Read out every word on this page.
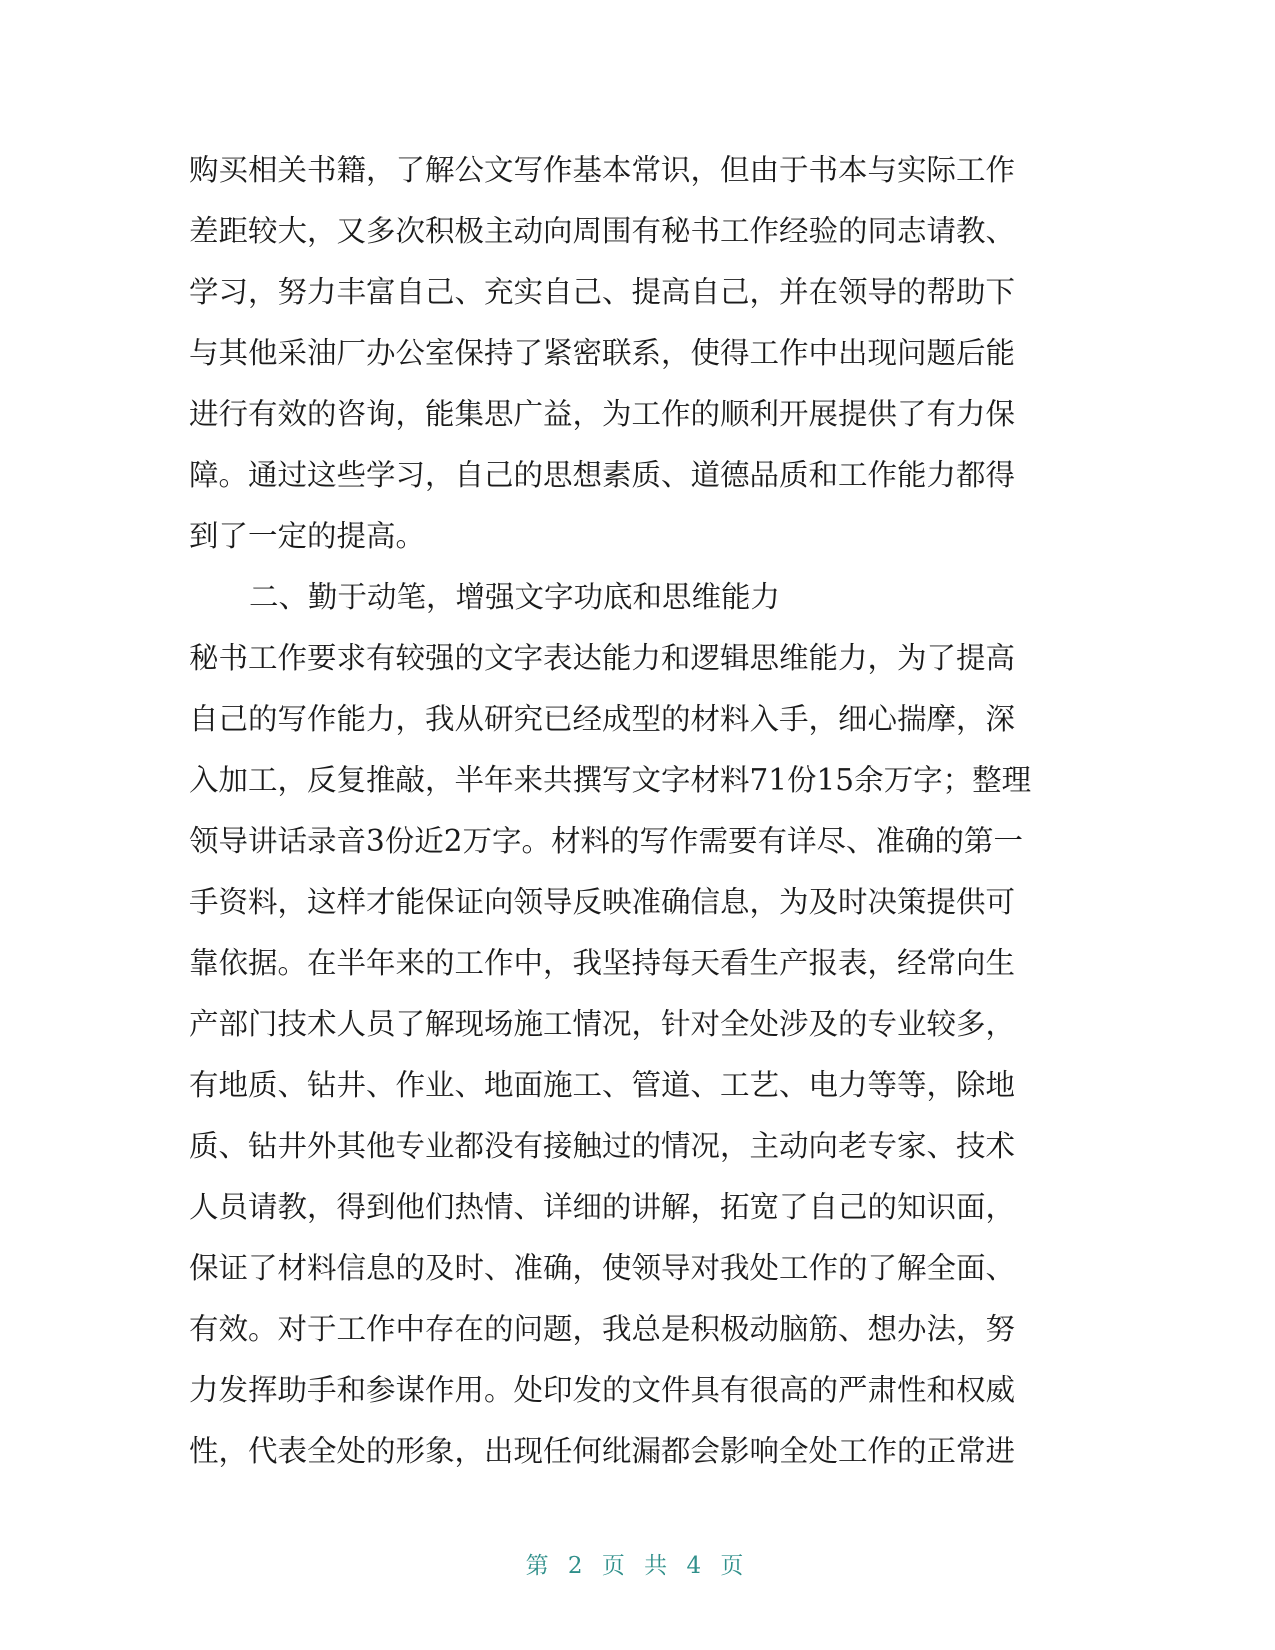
购买相关书籍，了解公文写作基本常识，但由于书本与实际工作
差距较大，又多次积极主动向周围有秘书工作经验的同志请教、
学习，努力丰富自己、充实自己、提高自己，并在领导的帮助下
与其他采油厂办公室保持了紧密联系，使得工作中出现问题后能
进行有效的咨询，能集思广益，为工作的顺利开展提供了有力保
障。通过这些学习，自己的思想素质、道德品质和工作能力都得
到了一定的提高。
二、勤于动笔，增强文字功底和思维能力
秘书工作要求有较强的文字表达能力和逻辑思维能力，为了提高
自己的写作能力，我从研究已经成型的材料入手，细心揣摩，深
入加工，反复推敲，半年来共撰写文字材料71份15余万字；整理
领导讲话录音3份近2万字。材料的写作需要有详尽、准确的第一
手资料，这样才能保证向领导反映准确信息，为及时决策提供可
靠依据。在半年来的工作中，我坚持每天看生产报表，经常向生
产部门技术人员了解现场施工情况，针对全处涉及的专业较多，
有地质、钻井、作业、地面施工、管道、工艺、电力等等，除地
质、钻井外其他专业都没有接触过的情况，主动向老专家、技术
人员请教，得到他们热情、详细的讲解，拓宽了自己的知识面，
保证了材料信息的及时、准确，使领导对我处工作的了解全面、
有效。对于工作中存在的问题，我总是积极动脑筋、想办法，努
力发挥助手和参谋作用。处印发的文件具有很高的严肃性和权威
性，代表全处的形象，出现任何纰漏都会影响全处工作的正常进
第 2 页 共 4 页
